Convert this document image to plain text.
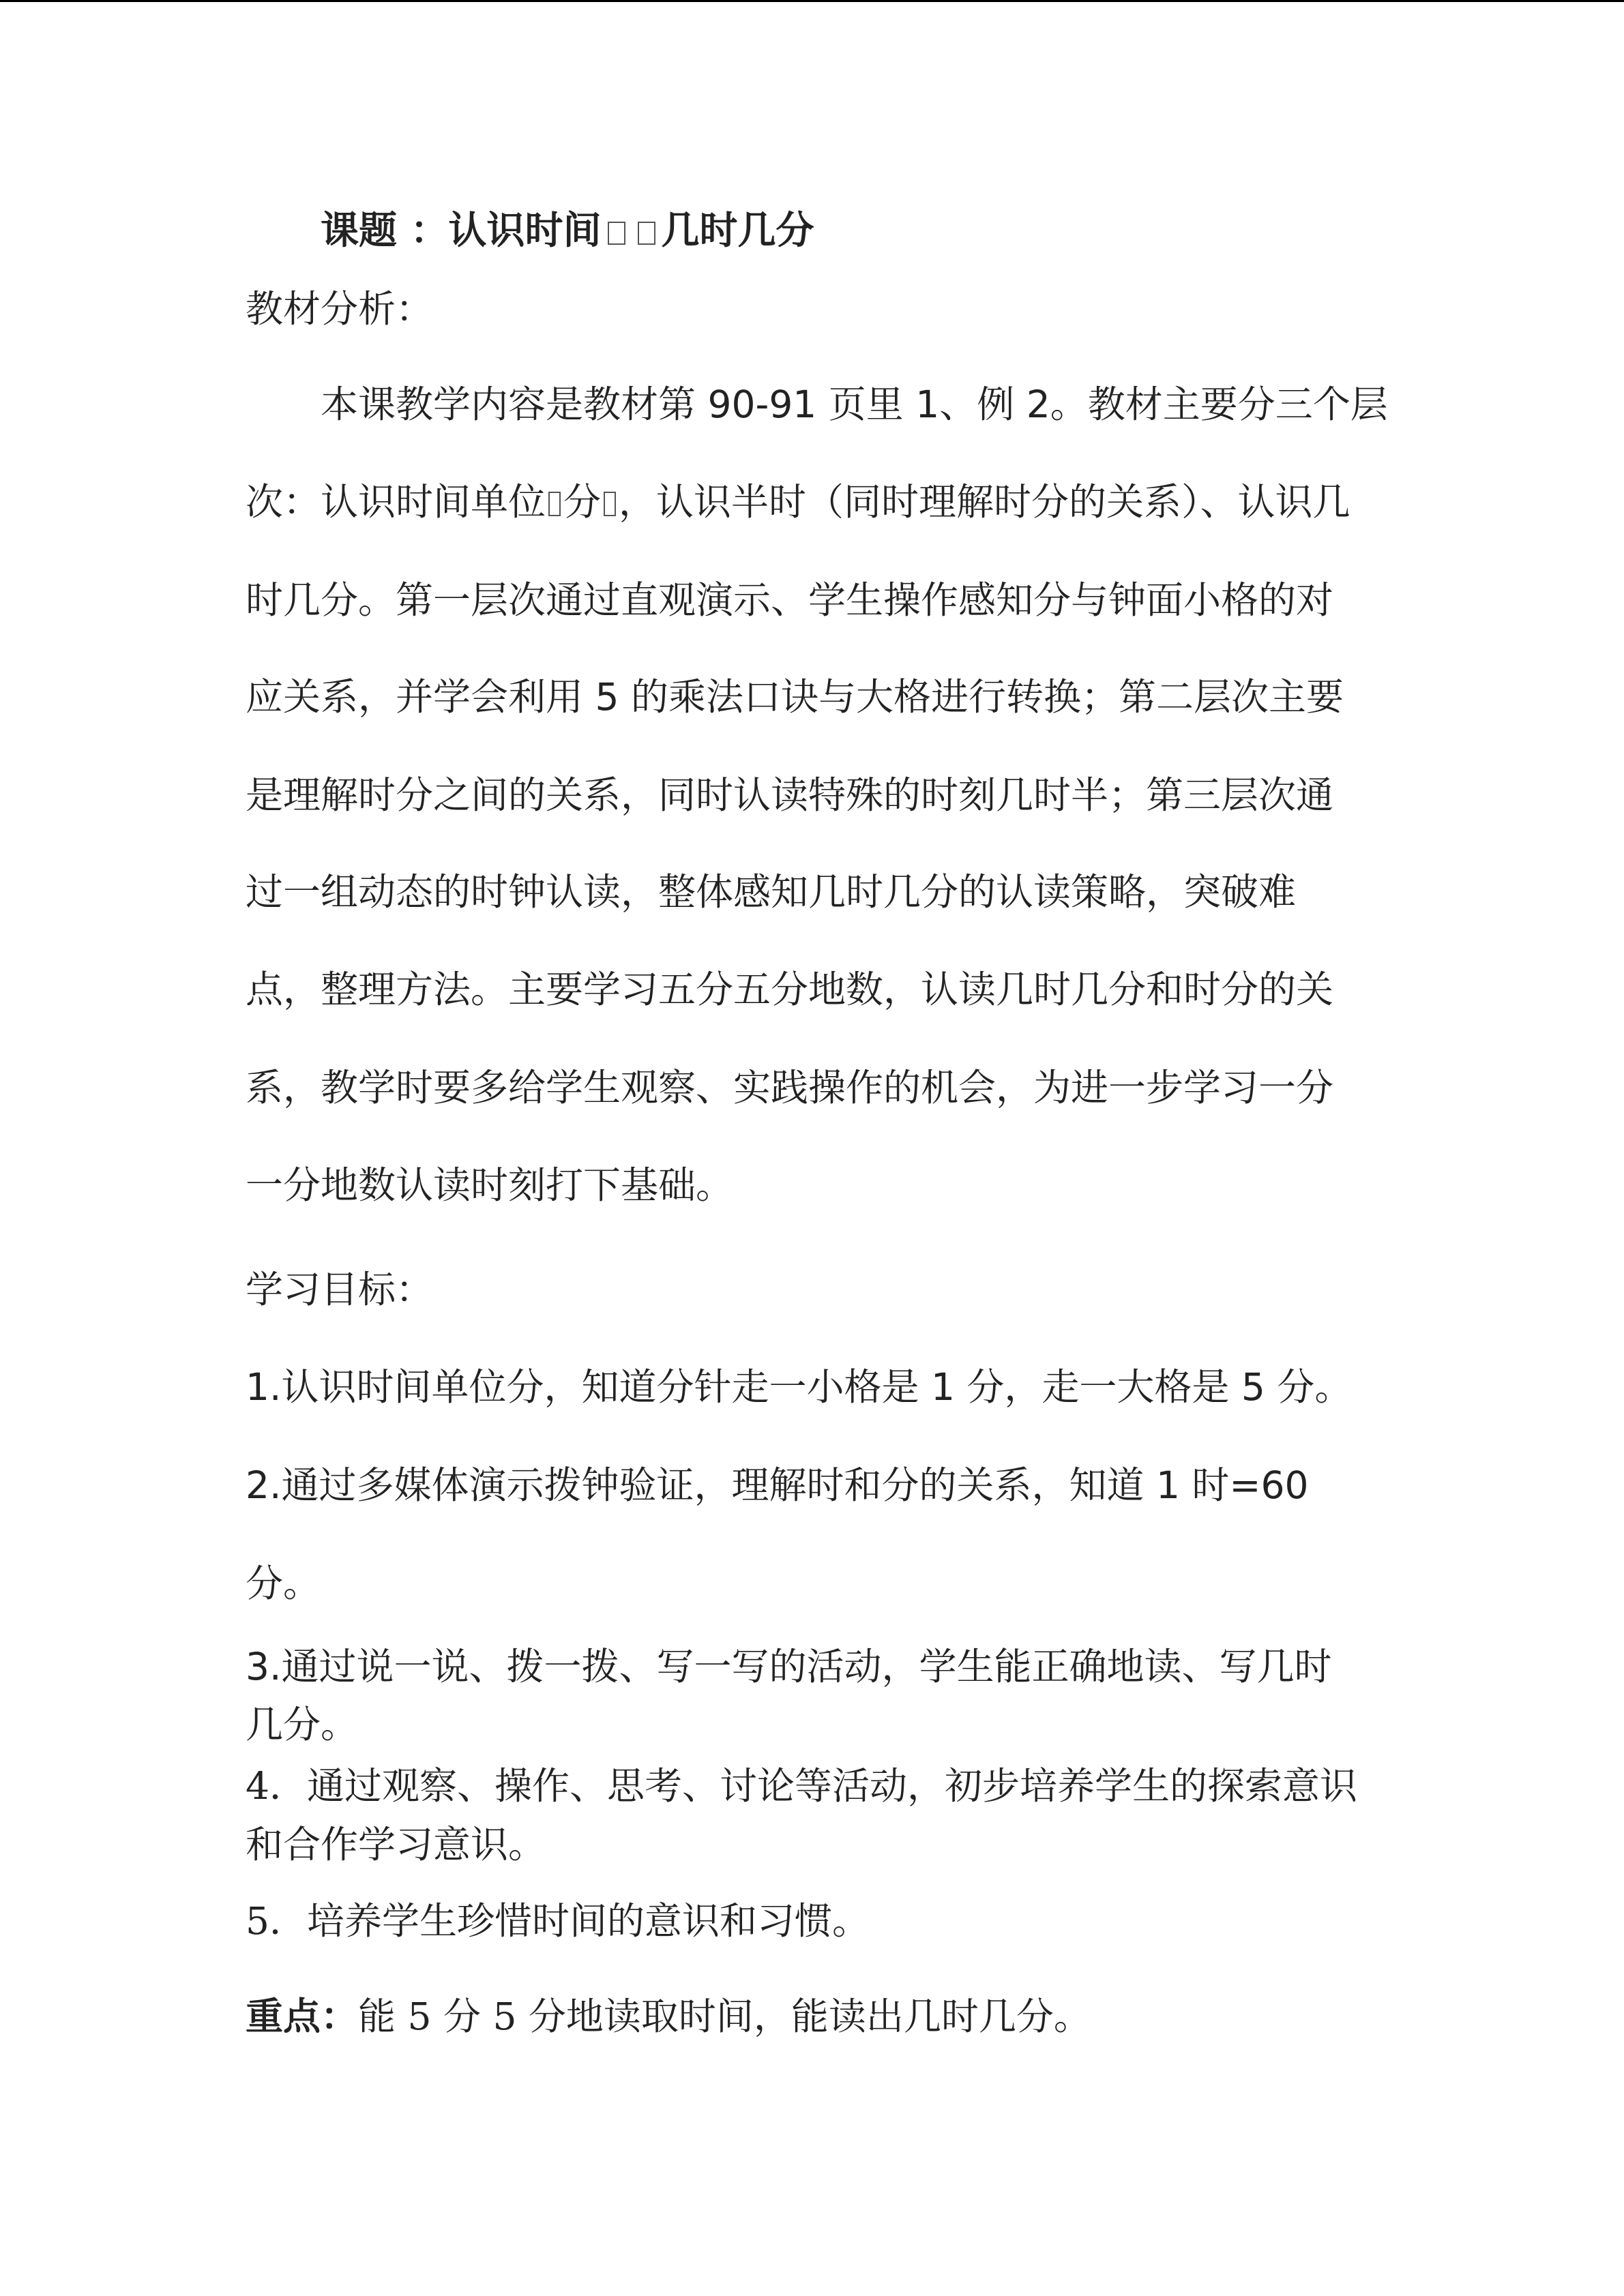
课题 ：认识时间 几时几分
教材分析：
本课教学内容是教材第 90-91 页里 1、例 2。教材主要分三个层
次：认识时间单位 分 ，认识半时（同时理解时分的关系）、认识几
时几分。第一层次通过直观演示、学生操作感知分与钟面小格的对
应关系，并学会利用 5 的乘法口诀与大格进行转换；第二层次主要
是理解时分之间的关系，同时认读特殊的时刻几时半；第三层次通
过一组动态的时钟认读，整体感知几时几分的认读策略，突破难
点，整理方法。主要学习五分五分地数，认读几时几分和时分的关
系，教学时要多给学生观察、实践操作的机会，为进一步学习一分
一分地数认读时刻打下基础。
学习目标：
1.认识时间单位分，知道分针走一小格是 1 分，走一大格是 5 分。
2.通过多媒体演示拨钟验证，理解时和分的关系，知道 1 时=60
分。
3.通过说一说、拨一拨、写一写的活动，学生能正确地读、写几时
几分。
4．通过观察、操作、思考、讨论等活动，初步培养学生的探索意识
和合作学习意识。
5．培养学生珍惜时间的意识和习惯。
重点：能 5 分 5 分地读取时间，能读出几时几分。
